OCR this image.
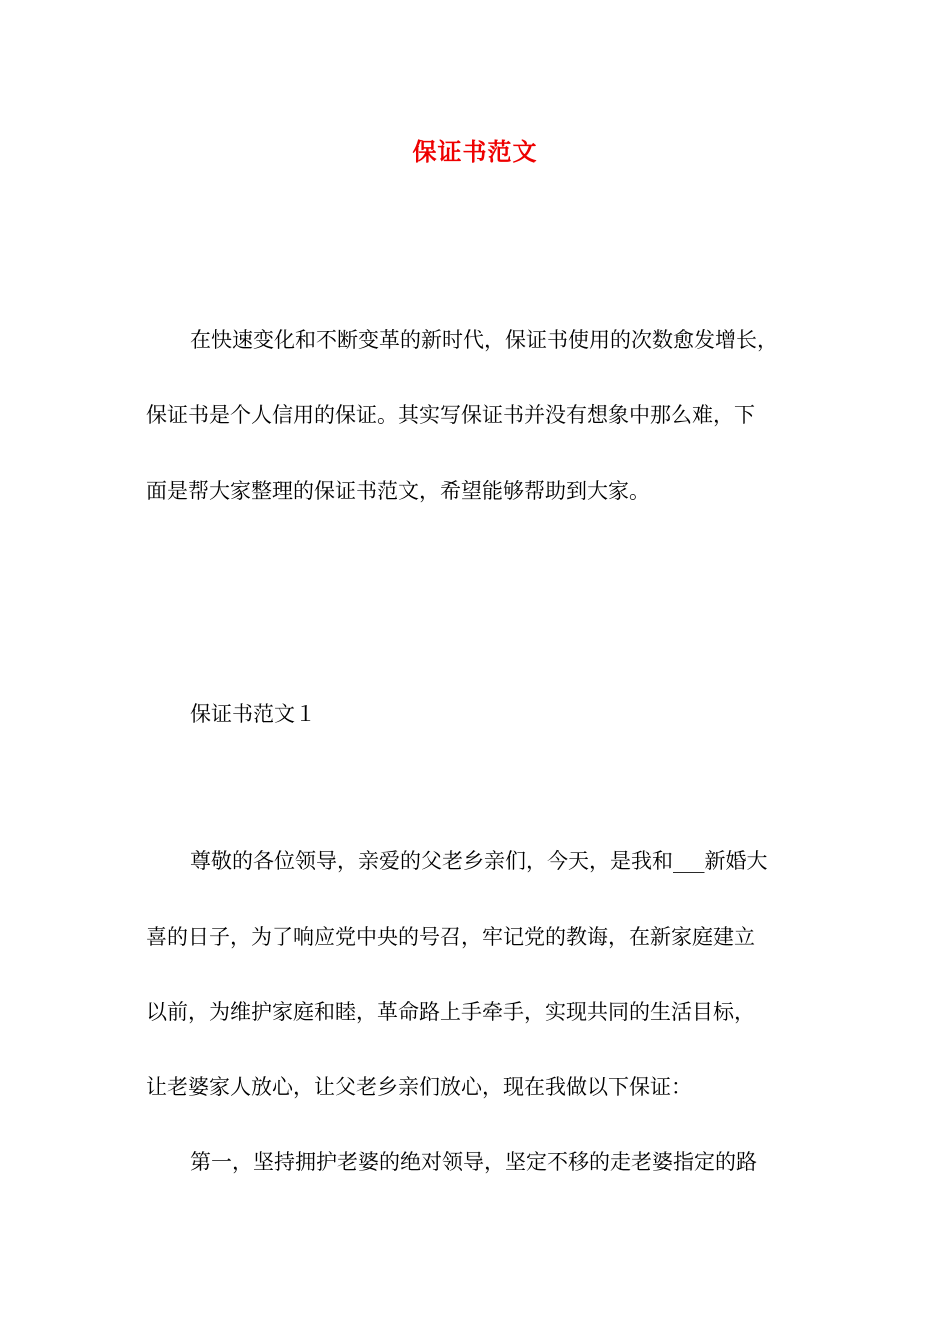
保证书范文
在快速变化和不断变革的新时代，保证书使用的次数愈发增长，
保证书是个人信用的保证。其实写保证书并没有想象中那么难，下
面是帮大家整理的保证书范文，希望能够帮助到大家。
保证书范文１
尊敬的各位领导，亲爱的父老乡亲们，今天，是我和___新婚大
喜的日子，为了响应党中央的号召，牢记党的教诲，在新家庭建立
以前，为维护家庭和睦，革命路上手牵手，实现共同的生活目标，
让老婆家人放心，让父老乡亲们放心，现在我做以下保证：
第一，坚持拥护老婆的绝对领导，坚定不移的走老婆指定的路
